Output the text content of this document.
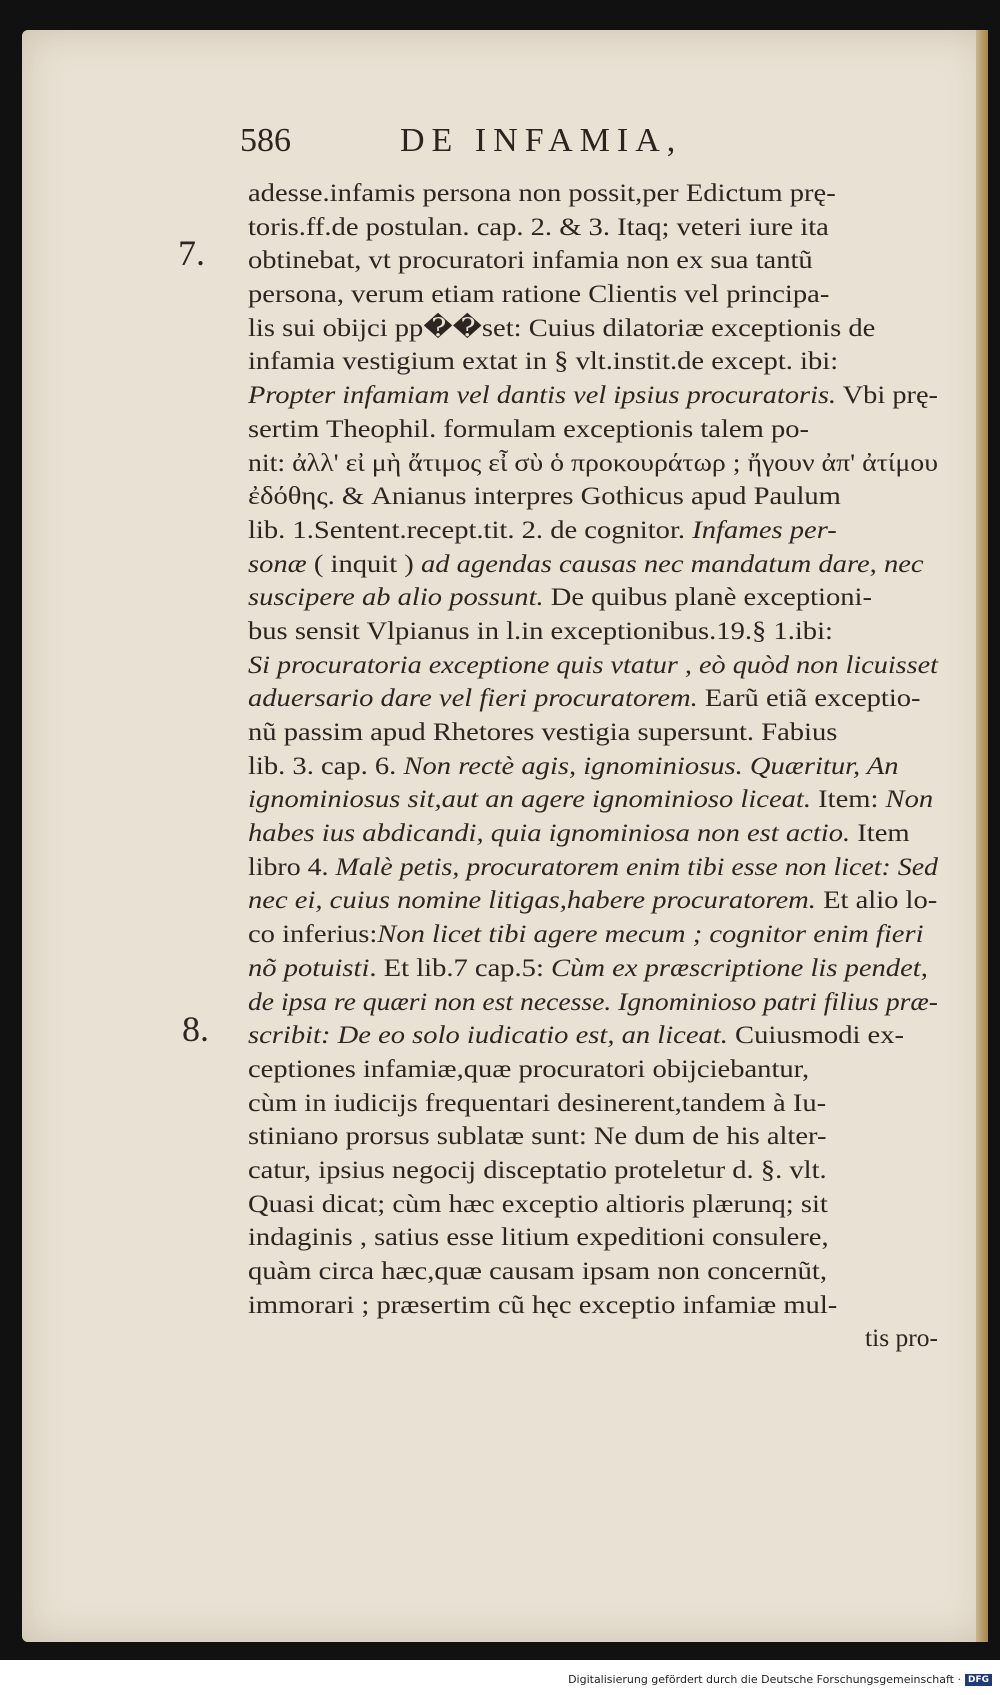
586	DE INFAMIA,
7.
8.
adesse.infamis persona non possit,per Edictum prę-
toris.ff.de postulan. cap. 2. & 3. Itaq; veteri iure ita
obtinebat, vt procuratori infamia non ex sua tantũ
persona, verum etiam ratione Clientis vel principa-
lis sui obijci pp��set: Cuius dilatoriæ exceptionis de
infamia vestigium extat in § vlt.instit.de except. ibi:
Propter infamiam vel dantis vel ipsius procuratoris. Vbi prę-
sertim Theophil. formulam exceptionis talem po-
nit: ἀλλ' εἰ μὴ ἄτιμος εἶ σὺ ὁ προκουράτωρ ; ἤγουν ἀπ' ἀτίμου
ἐδόθης. & Anianus interpres Gothicus apud Paulum
lib. 1.Sentent.recept.tit. 2. de cognitor. Infames per-
sonæ ( inquit ) ad agendas causas nec mandatum dare, nec
suscipere ab alio possunt. De quibus planè exceptioni-
bus sensit Vlpianus in l.in exceptionibus.19.§ 1.ibi:
Si procuratoria exceptione quis vtatur , eò quòd non licuisset
aduersario dare vel fieri procuratorem. Earũ etiã exceptio-
nũ passim apud Rhetores vestigia supersunt. Fabius
lib. 3. cap. 6. Non rectè agis, ignominiosus. Quæritur, An
ignominiosus sit,aut an agere ignominioso liceat. Item: Non
habes ius abdicandi, quia ignominiosa non est actio. Item
libro 4. Malè petis, procuratorem enim tibi esse non licet: Sed
nec ei, cuius nomine litigas,habere procuratorem. Et alio lo-
co inferius:Non licet tibi agere mecum ; cognitor enim fieri
nõ potuisti. Et lib.7 cap.5: Cùm ex præscriptione lis pendet,
de ipsa re quæri non est necesse. Ignominioso patri filius præ-
scribit: De eo solo iudicatio est, an liceat. Cuiusmodi ex-
ceptiones infamiæ,quæ procuratori obijciebantur,
cùm in iudicijs frequentari desinerent,tandem à Iu-
stiniano prorsus sublatæ sunt: Ne dum de his alter-
catur, ipsius negocij disceptatio proteletur d. §. vlt.
Quasi dicat; cùm hæc exceptio altioris plærunq; sit
indaginis , satius esse litium expeditioni consulere,
quàm circa hæc,quæ causam ipsam non concernũt,
immorari ; præsertim cũ hęc exceptio infamiæ mul-
tis pro-
Digitalisierung gefördert durch die Deutsche Forschungsgemeinschaft · DFG
